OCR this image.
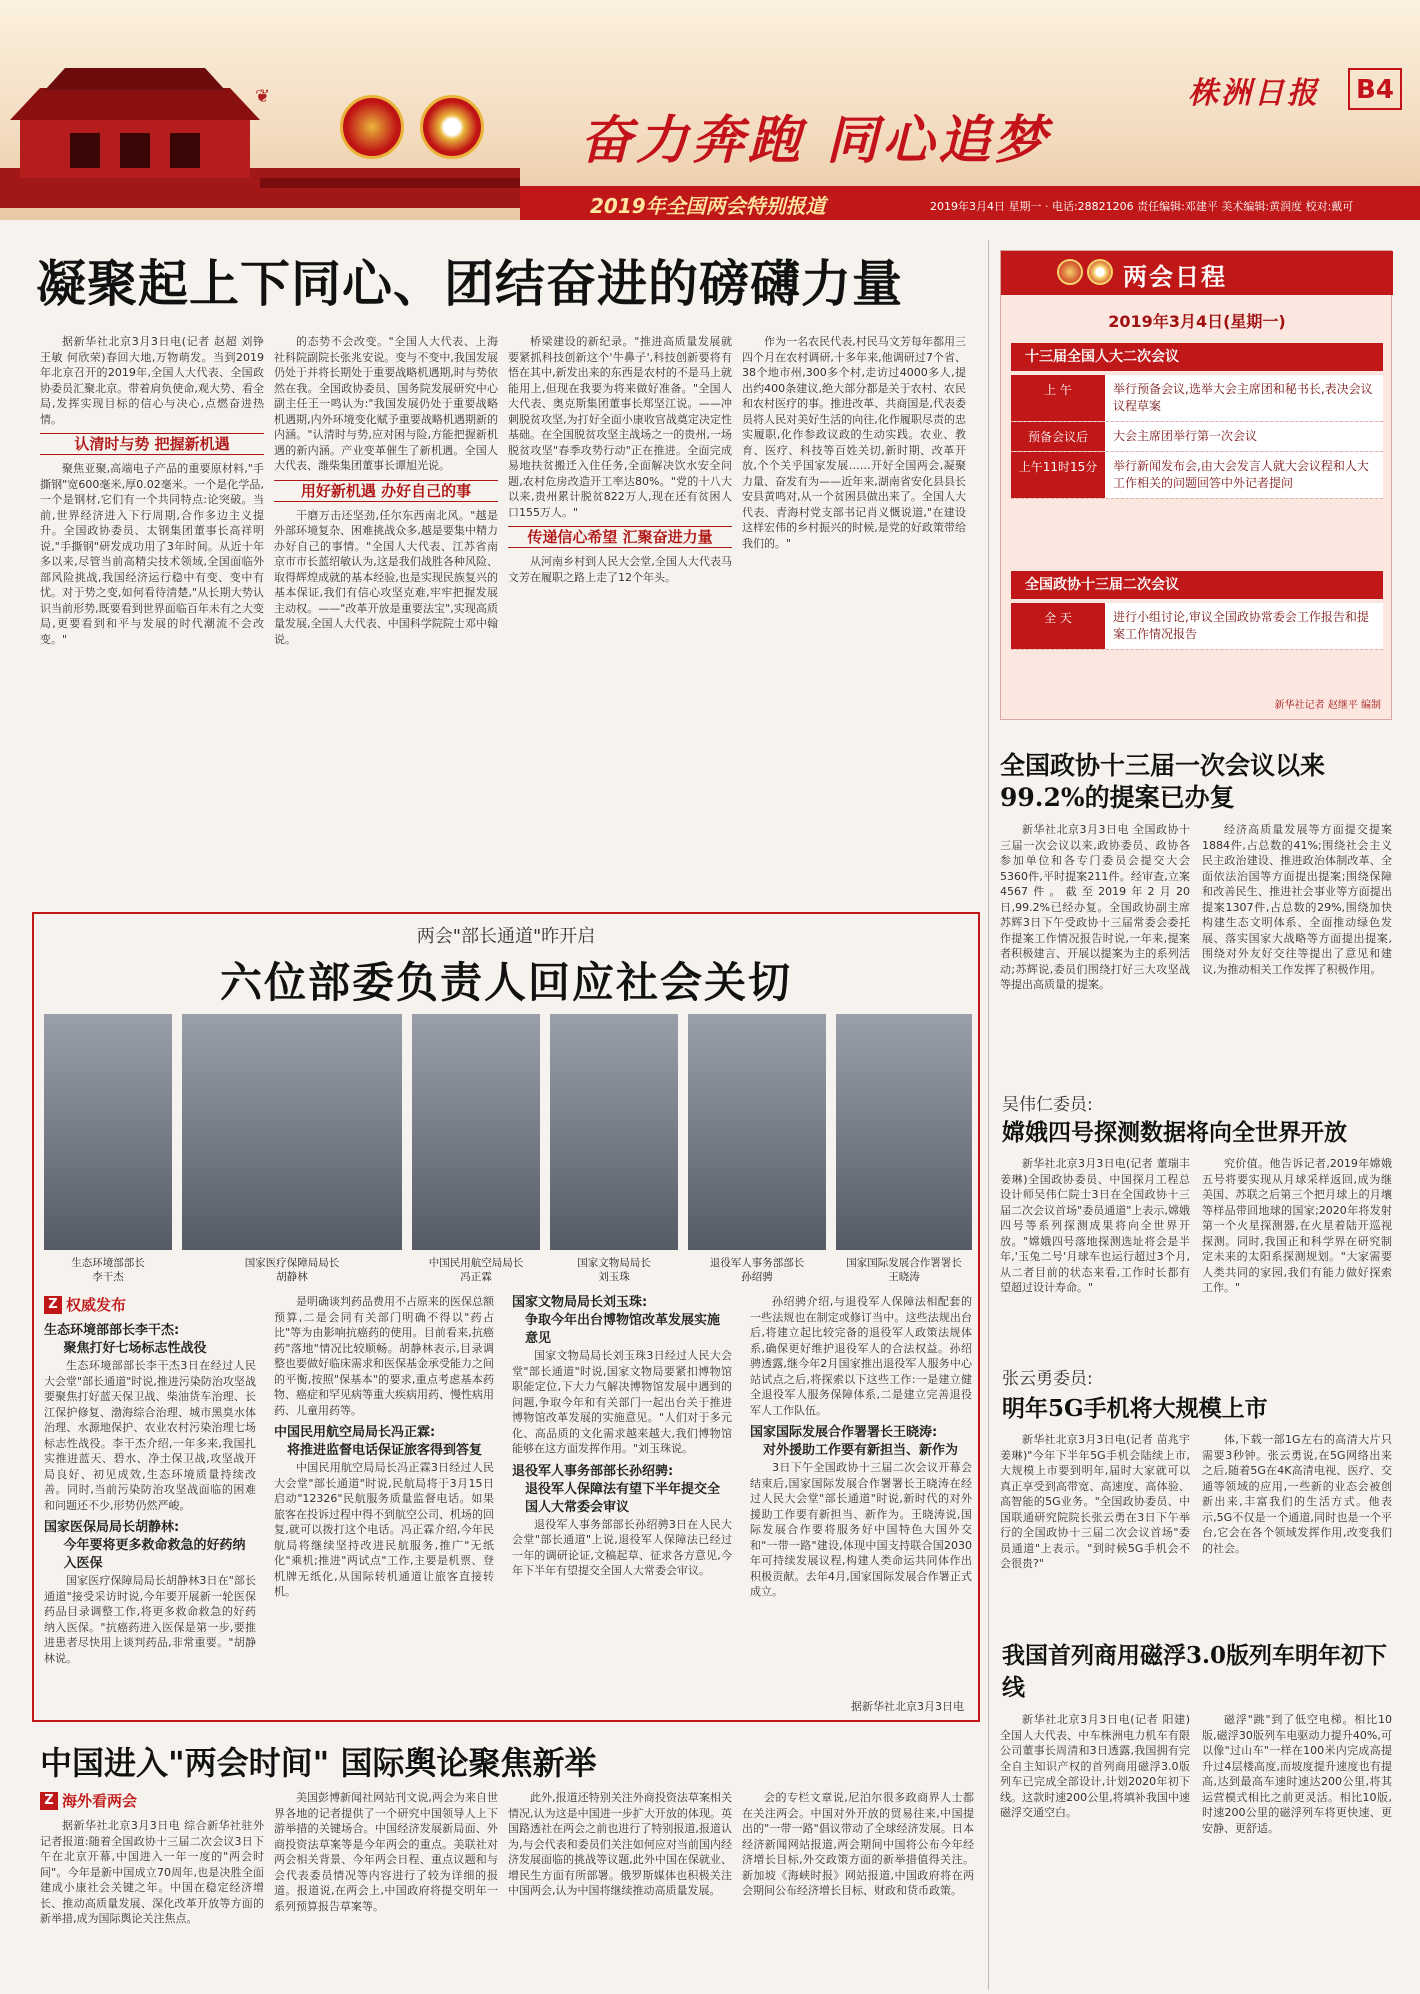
❦
奋力奔跑 同心追梦
株洲日报	B4
2019年全国两会特别报道	2019年3月4日 星期一 · 电话:28821206 责任编辑:邓建平 美术编辑:黄润度 校对:戴可
凝聚起上下同心、团结奋进的磅礴力量

据新华社北京3月3日电(记者 赵超 刘铮 王敏 何欣荣)春回大地,万物萌发。当到2019年北京召开的2019年,全国人大代表、全国政协委员汇聚北京。带着肩负使命,观大势、看全局,发挥实现目标的信心与决心,点燃奋进热情。

认清时与势 把握新机遇

聚焦亚聚,高端电子产品的重要原材料,"手撕钢"宽600毫米,厚0.02毫米。一个是化学品,一个是钢材,它们有一个共同特点:论突破。当前,世界经济进入下行周期,合作多边主义提升。全国政协委员、太钢集团董事长高祥明说,"手撕钢"研发成功用了3年时间。从近十年多以来,尽管当前高精尖技术领域,全国面临外部风险挑战,我国经济运行稳中有变、变中有忧。对于势之变,如何看待清楚,"从长期大势认识当前形势,既要看到世界面临百年未有之大变局,更要看到和平与发展的时代潮流不会改变。"

的态势不会改变。"全国人大代表、上海社科院副院长张兆安说。变与不变中,我国发展仍处于并将长期处于重要战略机遇期,时与势依然在我。全国政协委员、国务院发展研究中心副主任王一鸣认为:"我国发展仍处于重要战略机遇期,内外环境变化赋予重要战略机遇期新的内涵。"认清时与势,应对困与险,方能把握新机遇的新内涵。产业变革催生了新机遇。全国人大代表、潍柴集团董事长谭旭光说。

用好新机遇 办好自己的事

干磨万击还坚劲,任尔东西南北风。"越是外部环境复杂、困难挑战众多,越是要集中精力办好自己的事情。"全国人大代表、江苏省南京市市长蓝绍敏认为,这是我们战胜各种风险、取得辉煌成就的基本经验,也是实现民族复兴的基本保证,我们有信心攻坚克难,牢牢把握发展主动权。——"改革开放是重要法宝",实现高质量发展,全国人大代表、中国科学院院士邓中翰说。

桥梁建设的新纪录。"推进高质量发展就要紧抓科技创新这个'牛鼻子',科技创新要将有悟在其中,新发出来的东西是农村的不是马上就能用上,但现在我要为将来做好准备。"全国人大代表、奥克斯集团董事长郑坚江说。——冲刺脱贫攻坚,为打好全面小康收官战奠定决定性基础。在全国脱贫攻坚主战场之一的贵州,一场脱贫攻坚"春季攻势行动"正在推进。全面完成易地扶贫搬迁入住任务,全面解决饮水安全问题,农村危房改造开工率达80%。"党的十八大以来,贵州累计脱贫822万人,现在还有贫困人口155万人。"

传递信心希望 汇聚奋进力量

从河南乡村到人民大会堂,全国人大代表马文芳在履职之路上走了12个年头。

作为一名农民代表,村民马文芳每年都用三四个月在农村调研,十多年来,他调研过7个省、38个地市州,300多个村,走访过4000多人,提出约400条建议,绝大部分都是关于农村、农民和农村医疗的事。推进改革、共商国是,代表委员将人民对美好生活的向往,化作履职尽责的忠实履职,化作参政议政的生动实践。农业、教育、医疗、科技等百姓关切,新时期、改革开放,个个关乎国家发展……开好全国两会,凝聚力量、奋发有为——近年来,湖南省安化县县长安县黄鸣对,从一个贫困县做出来了。全国人大代表、青海村党支部书记肖义慨说道,"在建设这样宏伟的乡村振兴的时候,是党的好政策带给我们的。"

两会日程
2019年3月4日(星期一)
十三届全国人大二次会议
上 午	举行预备会议,选举大会主席团和秘书长,表决会议议程草案
预备会议后	大会主席团举行第一次会议
上午11时15分	举行新闻发布会,由大会发言人就大会议程和人大工作相关的问题回答中外记者提问
全国政协十三届二次会议
全 天	进行小组讨论,审议全国政协常委会工作报告和提案工作情况报告
新华社记者 赵继平 编制
全国政协十三届一次会议以来99.2%的提案已办复

新华社北京3月3日电 全国政协十三届一次会议以来,政协委员、政协各参加单位和各专门委员会提交大会5360件,平时提案211件。经审查,立案4567件。截至2019年2月20日,99.2%已经办复。全国政协副主席苏辉3日下午受政协十三届常委会委托作提案工作情况报告时说,一年来,提案者积极建言、开展以提案为主的系列活动;苏辉说,委员们围绕打好三大攻坚战等提出高质量的提案。

经济高质量发展等方面提交提案1884件,占总数的41%;围绕社会主义民主政治建设、推进政治体制改革、全面依法治国等方面提出提案;围绕保障和改善民生、推进社会事业等方面提出提案1307件,占总数的29%,围绕加快构建生态文明体系、全面推动绿色发展、落实国家大战略等方面提出提案,围绕对外友好交往等提出了意见和建议,为推动相关工作发挥了积极作用。

吴伟仁委员:
嫦娥四号探测数据将向全世界开放

新华社北京3月3日电(记者 董瑞丰 姜琳)全国政协委员、中国探月工程总设计师吴伟仁院士3日在全国政协十三届二次会议首场"委员通道"上表示,嫦娥四号等系列探测成果将向全世界开放。"嫦娥四号落地探测选址将会是半年,'玉兔二号'月球车也运行超过3个月,从二者目前的状态来看,工作时长都有望超过设计寿命。"

究价值。他告诉记者,2019年嫦娥五号将要实现从月球采样返回,成为继美国、苏联之后第三个把月球上的月壤等样品带回地球的国家;2020年将发射第一个火星探测器,在火星着陆开巡视探测。同时,我国正和科学界在研究制定未来的太阳系探测规划。"大家需要人类共同的家园,我们有能力做好探索工作。"

张云勇委员:
明年5G手机将大规模上市

新华社北京3月3日电(记者 苗兆宇 姜琳)"今年下半年5G手机会陆续上市,大规模上市要到明年,届时大家就可以真正享受到高带宽、高速度、高体验、高智能的5G业务。"全国政协委员、中国联通研究院院长张云勇在3日下午举行的全国政协十三届二次会议首场"委员通道"上表示。"到时候5G手机会不会很贵?"

体,下载一部1G左右的高清大片只需要3秒钟。张云勇说,在5G网络出来之后,随着5G在4K高清电视、医疗、交通等领域的应用,一些新的业态会被创新出来,丰富我们的生活方式。他表示,5G不仅是一个通道,同时也是一个平台,它会在各个领域发挥作用,改变我们的社会。

我国首列商用磁浮3.0版列车明年初下线

新华社北京3月3日电(记者 阳建)全国人大代表、中车株洲电力机车有限公司董事长周清和3日透露,我国拥有完全自主知识产权的首列商用磁浮3.0版列车已完成全部设计,计划2020年初下线。这款时速200公里,将填补我国中速磁浮交通空白。

磁浮"跳"到了低空电梯。相比10版,磁浮30版列车电驱动力提升40%,可以像"过山车"一样在100米内完成高提升过4层楼高度,而坡度提升速度也有提高,达到最高车速时速达200公里,将其运营模式相比之前更灵活。相比10版,时速200公里的磁浮列车将更快速、更安静、更舒适。

两会"部长通道"昨开启
六位部委负责人回应社会关切
生态环境部部长
李干杰
国家医疗保障局局长
胡静林
中国民用航空局局长
冯正霖
国家文物局局长
刘玉珠
退役军人事务部部长
孙绍骋
国家国际发展合作署署长
王晓涛
Z 权威发布
生态环境部部长李干杰:
聚焦打好七场标志性战役

生态环境部部长李干杰3日在经过人民大会堂"部长通道"时说,推进污染防治攻坚战要聚焦打好蓝天保卫战、柴油货车治理、长江保护修复、渤海综合治理、城市黑臭水体治理、水源地保护、农业农村污染治理七场标志性战役。李干杰介绍,一年多来,我国扎实推进蓝天、碧水、净土保卫战,攻坚战开局良好、初见成效,生态环境质量持续改善。同时,当前污染防治攻坚战面临的困难和问题还不少,形势仍然严峻。

国家医保局局长胡静林:
今年要将更多救命救急的好药纳入医保

国家医疗保障局局长胡静林3日在"部长通道"接受采访时说,今年要开展新一轮医保药品目录调整工作,将更多救命救急的好药纳入医保。"抗癌药进入医保是第一步,要推进患者尽快用上谈判药品,非常重要。"胡静林说。

是明确谈判药品费用不占原来的医保总额预算,二是会同有关部门明确不得以"药占比"等为由影响抗癌药的使用。目前看来,抗癌药"落地"情况比较顺畅。胡静林表示,目录调整也要做好临床需求和医保基金承受能力之间的平衡,按照"保基本"的要求,重点考虑基本药物、癌症和罕见病等重大疾病用药、慢性病用药、儿童用药等。

中国民用航空局局长冯正霖:
将推进监督电话保证旅客得到答复

中国民用航空局局长冯正霖3日经过人民大会堂"部长通道"时说,民航局将于3月15日启动"12326"民航服务质量监督电话。如果旅客在投诉过程中得不到航空公司、机场的回复,就可以拨打这个电话。冯正霖介绍,今年民航局将继续坚持改进民航服务,推广"无纸化"乘机;推进"两试点"工作,主要是机票、登机牌无纸化,从国际转机通道让旅客直接转机。

国家文物局局长刘玉珠:
争取今年出台博物馆改革发展实施意见

国家文物局局长刘玉珠3日经过人民大会堂"部长通道"时说,国家文物局要紧扣博物馆职能定位,下大力气解决博物馆发展中遇到的问题,争取今年和有关部门一起出台关于推进博物馆改革发展的实施意见。"人们对于多元化、高品质的文化需求越来越大,我们博物馆能够在这方面发挥作用。"刘玉珠说。

退役军人事务部部长孙绍骋:
退役军人保障法有望下半年提交全国人大常委会审议

退役军人事务部部长孙绍骋3日在人民大会堂"部长通道"上说,退役军人保障法已经过一年的调研论证,文稿起草、征求各方意见,今年下半年有望提交全国人大常委会审议。

孙绍骋介绍,与退役军人保障法相配套的一些法规也在制定或修订当中。这些法规出台后,将建立起比较完备的退役军人政策法规体系,确保更好维护退役军人的合法权益。孙绍骋透露,继今年2月国家推出退役军人服务中心站试点之后,将探索以下这些工作:一是建立健全退役军人服务保障体系,二是建立完善退役军人工作队伍。

国家国际发展合作署署长王晓涛:
对外援助工作要有新担当、新作为

3日下午全国政协十三届二次会议开幕会结束后,国家国际发展合作署署长王晓涛在经过人民大会堂"部长通道"时说,新时代的对外援助工作要有新担当、新作为。王晓涛说,国际发展合作要将服务好中国特色大国外交和"一带一路"建设,体现中国支持联合国2030年可持续发展议程,构建人类命运共同体作出积极贡献。去年4月,国家国际发展合作署正式成立。

据新华社北京3月3日电
中国进入"两会时间" 国际舆论聚焦新举
Z 海外看两会

据新华社北京3月3日电 综合新华社驻外记者报道:随着全国政协十三届二次会议3日下午在北京开幕,中国进入一年一度的"两会时间"。今年是新中国成立70周年,也是决胜全面建成小康社会关键之年。中国在稳定经济增长、推动高质量发展、深化改革开放等方面的新举措,成为国际舆论关注焦点。

美国彭博新闻社网站刊文说,两会为来自世界各地的记者提供了一个研究中国领导人上下游举措的关键场合。中国经济发展新局面、外商投资法草案等是今年两会的重点。美联社对两会相关背景、今年两会日程、重点议题和与会代表委员情况等内容进行了较为详细的报道。报道说,在两会上,中国政府将提交明年一系列预算报告草案等。

此外,报道还特别关注外商投资法草案相关情况,认为这是中国进一步扩大开放的体现。英国路透社在两会之前也进行了特别报道,报道认为,与会代表和委员们关注如何应对当前国内经济发展面临的挑战等议题,此外中国在保就业、增民生方面有所部署。俄罗斯媒体也积极关注中国两会,认为中国将继续推动高质量发展。

会的专栏文章说,尼泊尔很多政商界人士都在关注两会。中国对外开放的贸易往来,中国提出的"一带一路"倡议带动了全球经济发展。日本经济新闻网站报道,两会期间中国将公布今年经济增长目标,外交政策方面的新举措值得关注。新加坡《海峡时报》网站报道,中国政府将在两会期间公布经济增长目标、财政和货币政策。
